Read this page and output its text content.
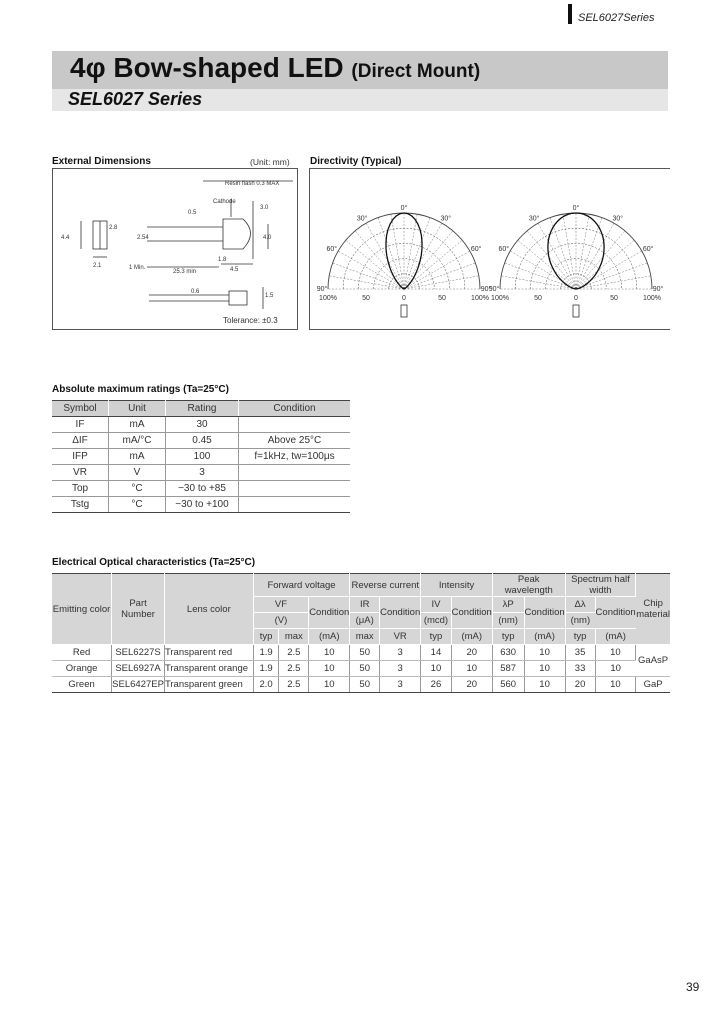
SEL6027Series
4φ Bow-shaped LED (Direct Mount)
SEL6027 Series
External Dimensions	(Unit: mm)
Resin flash 0.3 MAX
Cathode
0.5
2.54
1.8
4.0
3.0
2.8
4.4
2.1	1 Min.
25.3 min	4.5
0.6
1.5
Tolerance: ±0.3
Directivity (Typical)
0°
30°	30°
60°	60°
90°	90°
100%	50	0	50	100%
0°
30°	30°
60°	60°
90°	90°
100%	50	0	50	100%
Absolute maximum ratings (Ta=25°C)
Symbol	Unit	Rating	Condition
IF	mA	30	
ΔIF	mA/°C	0.45	Above 25°C
IFP	mA	100	f=1kHz, tw=100μs
VR	V	3	
Top	°C	−30 to +85	
Tstg	°C	−30 to +100	
Electrical Optical characteristics (Ta=25°C)
Emitting color	Part Number	Lens color	Forward voltage			Reverse current		Intensity		Peak wavelength		Spectrum half width		Chip material
			VF		Condition	IR	Condition	IV	Condition	λP	Condition	Δλ	Condition	
			(V)			(μA)		(mcd)		(nm)		(nm)		
			typ	max	(mA)	max	VR	typ	(mA)	typ	(mA)	typ	(mA)	
Red	SEL6227S	Transparent red	1.9	2.5	10	50	3	14	20	630	10	35	10	GaAsP
Orange	SEL6927A	Transparent orange	1.9	2.5	10	50	3	10	10	587	10	33	10	
Green	SEL6427EP	Transparent green	2.0	2.5	10	50	3	26	20	560	10	20	10	GaP
39
